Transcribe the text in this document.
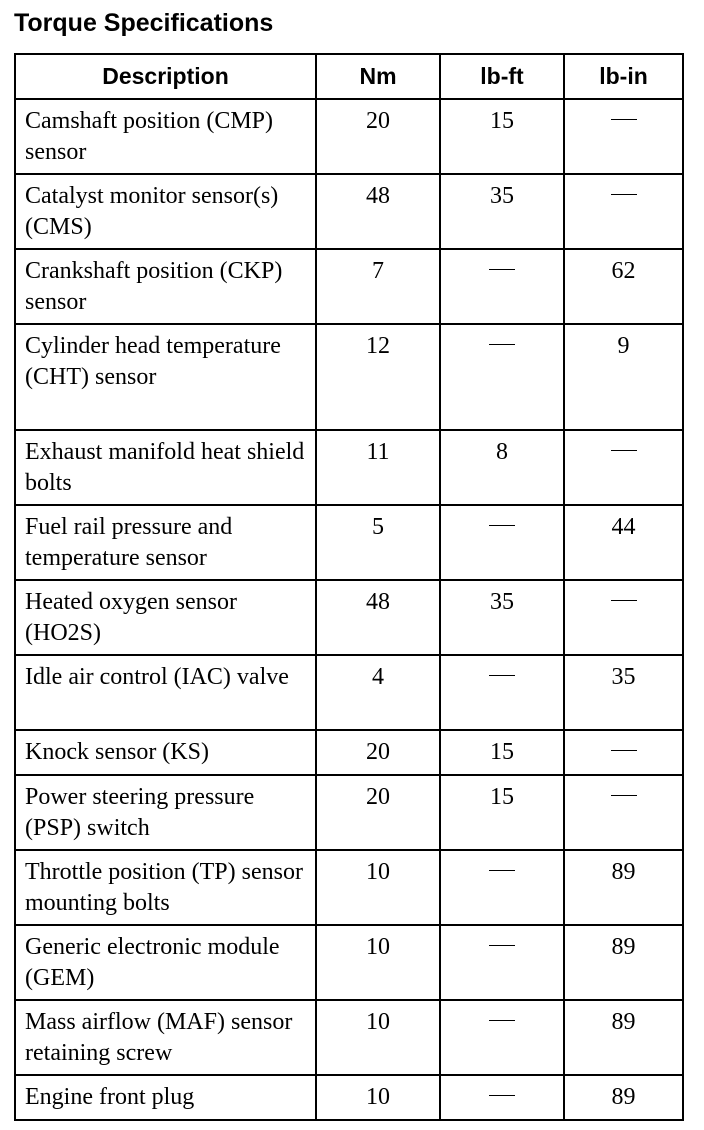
Torque Specifications
Description	Nm	lb-ft	lb-in
Camshaft position (CMP) sensor	20	15	
Catalyst monitor sensor(s) (CMS)	48	35	
Crankshaft position (CKP) sensor	7		62
Cylinder head temperature (CHT) sensor	12		9
Exhaust manifold heat shield bolts	11	8	
Fuel rail pressure and temperature sensor	5		44
Heated oxygen sensor (HO2S)	48	35	
Idle air control (IAC) valve	4		35
Knock sensor (KS)	20	15	
Power steering pressure (PSP) switch	20	15	
Throttle position (TP) sensor mounting bolts	10		89
Generic electronic module (GEM)	10		89
Mass airflow (MAF) sensor retaining screw	10		89
Engine front plug	10		89
